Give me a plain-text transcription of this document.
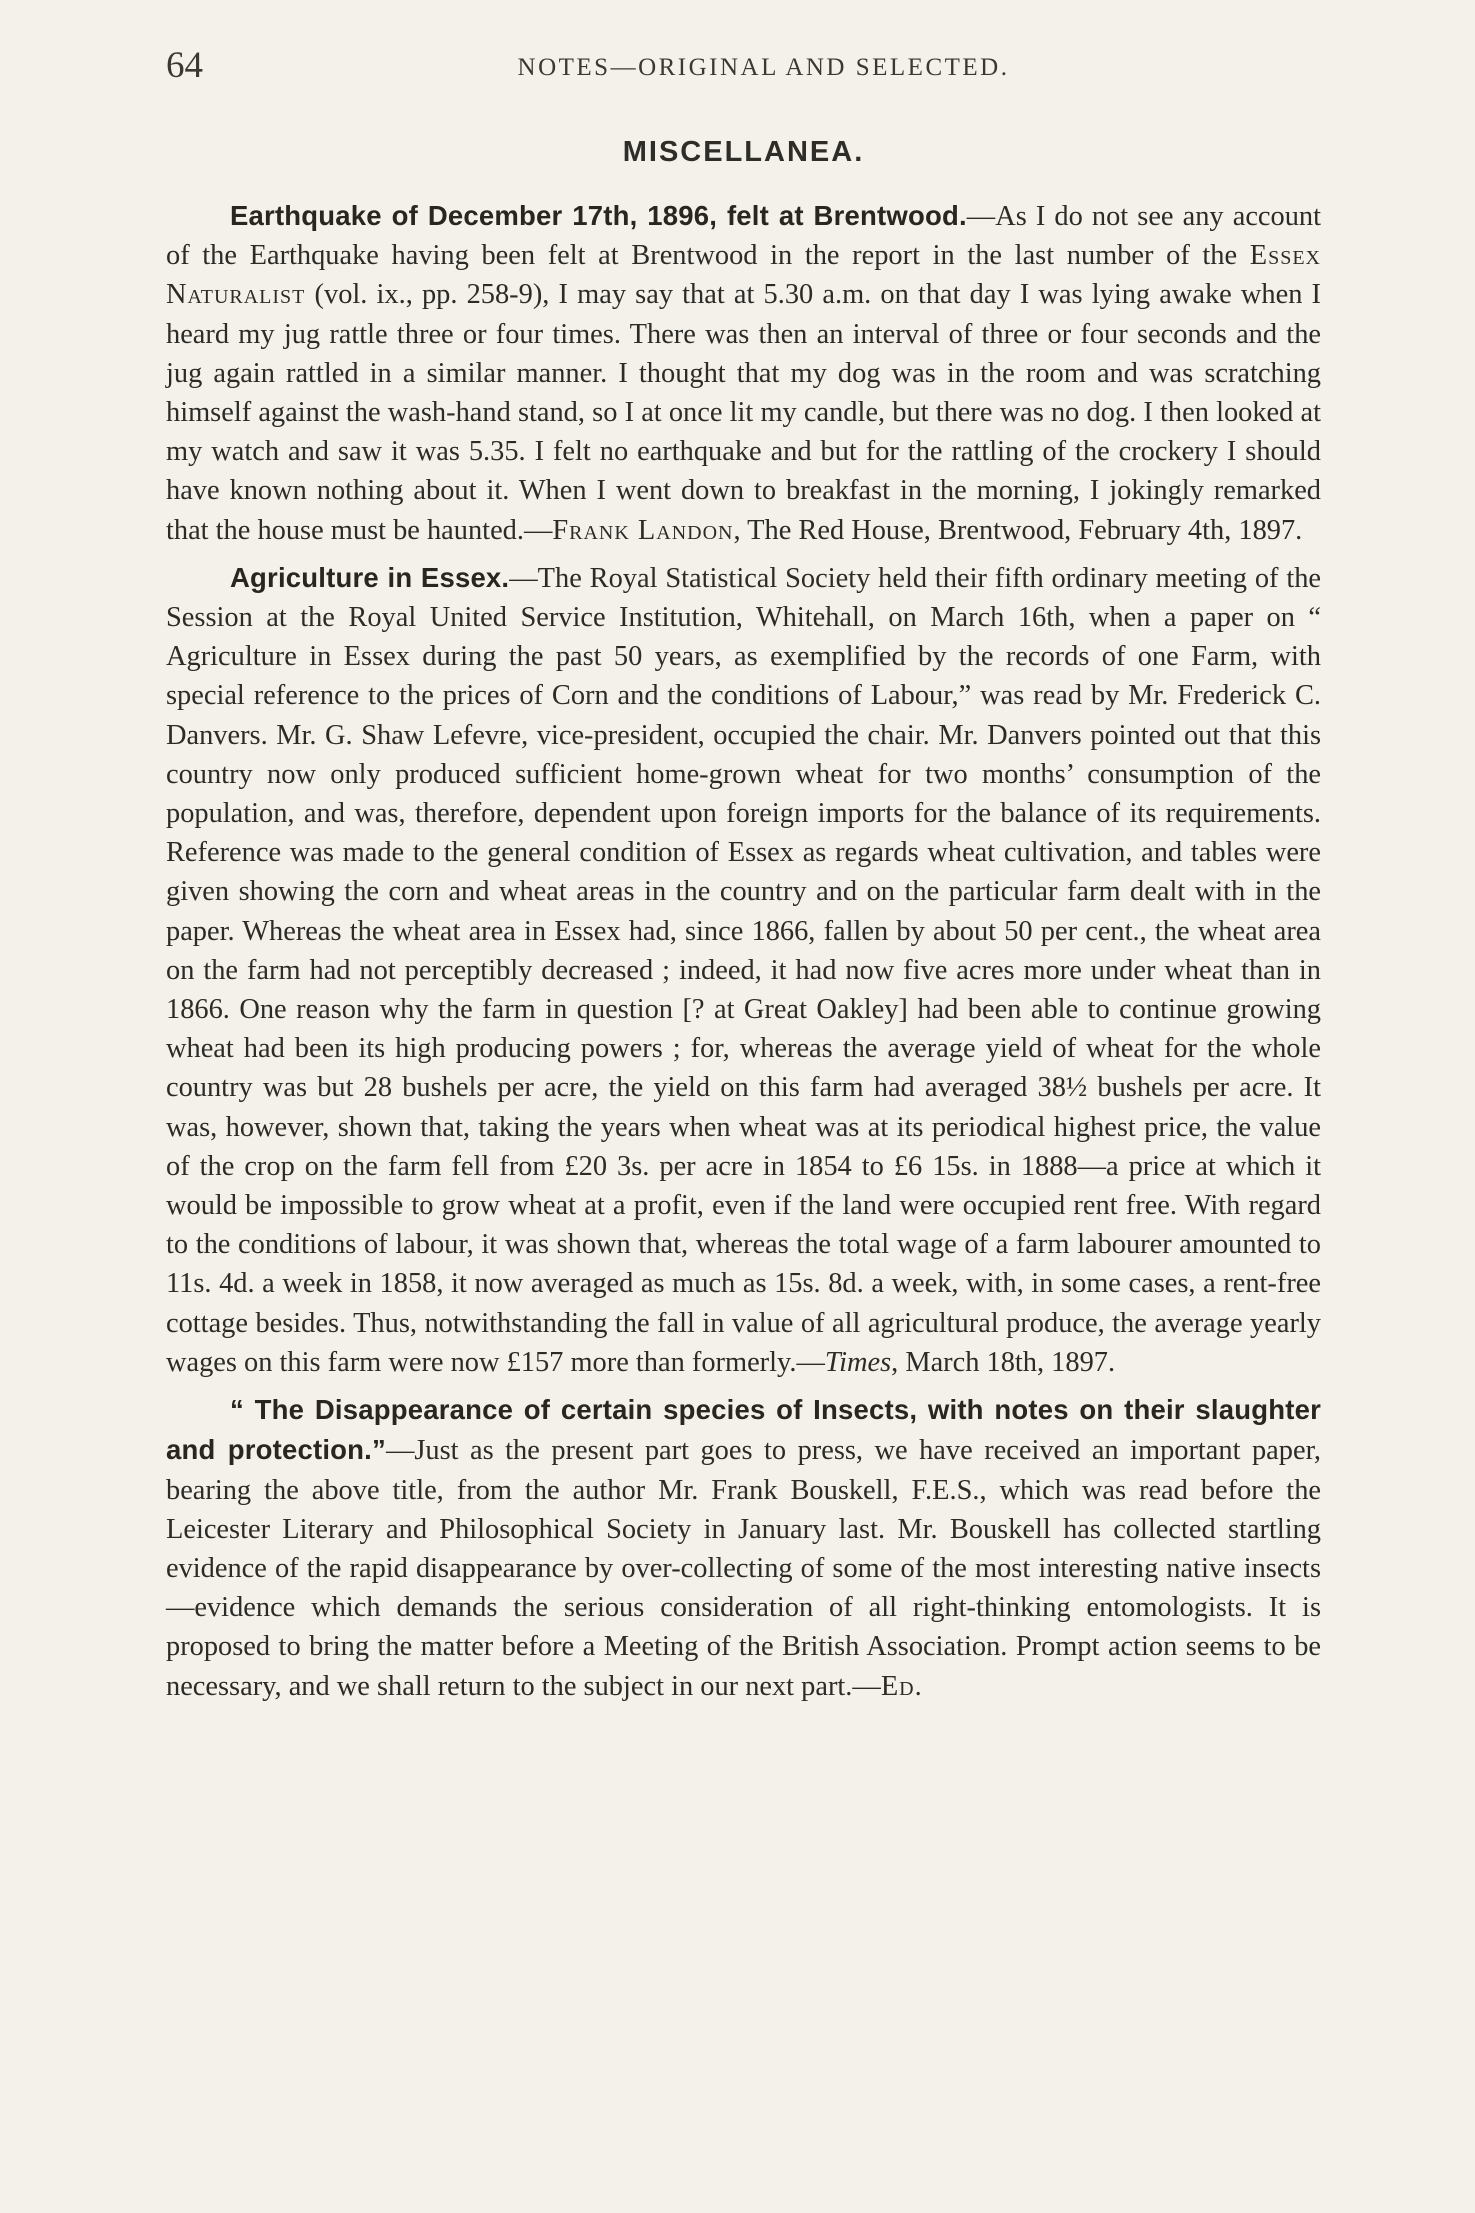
64	NOTES—ORIGINAL AND SELECTED.
MISCELLANEA.

Earthquake of December 17th, 1896, felt at Brentwood.—As I do not see any account of the Earthquake having been felt at Brentwood in the report in the last number of the Essex Naturalist (vol. ix., pp. 258-9), I may say that at 5.30 a.m. on that day I was lying awake when I heard my jug rattle three or four times. There was then an interval of three or four seconds and the jug again rattled in a similar manner. I thought that my dog was in the room and was scratching himself against the wash-hand stand, so I at once lit my candle, but there was no dog. I then looked at my watch and saw it was 5.35. I felt no earthquake and but for the rattling of the crockery I should have known nothing about it. When I went down to breakfast in the morning, I jokingly remarked that the house must be haunted.—Frank Landon, The Red House, Brentwood, February 4th, 1897.

Agriculture in Essex.—The Royal Statistical Society held their fifth ordinary meeting of the Session at the Royal United Service Institution, Whitehall, on March 16th, when a paper on “ Agriculture in Essex during the past 50 years, as exemplified by the records of one Farm, with special reference to the prices of Corn and the conditions of Labour,” was read by Mr. Frederick C. Danvers. Mr. G. Shaw Lefevre, vice-president, occupied the chair. Mr. Danvers pointed out that this country now only produced sufficient home-grown wheat for two months’ consumption of the population, and was, therefore, dependent upon foreign imports for the balance of its requirements. Reference was made to the general condition of Essex as regards wheat cultivation, and tables were given showing the corn and wheat areas in the country and on the particular farm dealt with in the paper. Whereas the wheat area in Essex had, since 1866, fallen by about 50 per cent., the wheat area on the farm had not perceptibly decreased ; indeed, it had now five acres more under wheat than in 1866. One reason why the farm in question [? at Great Oakley] had been able to continue growing wheat had been its high producing powers ; for, whereas the average yield of wheat for the whole country was but 28 bushels per acre, the yield on this farm had averaged 38½ bushels per acre. It was, however, shown that, taking the years when wheat was at its periodical highest price, the value of the crop on the farm fell from £20 3s. per acre in 1854 to £6 15s. in 1888—a price at which it would be impossible to grow wheat at a profit, even if the land were occupied rent free. With regard to the conditions of labour, it was shown that, whereas the total wage of a farm labourer amounted to 11s. 4d. a week in 1858, it now averaged as much as 15s. 8d. a week, with, in some cases, a rent-free cottage besides. Thus, notwithstanding the fall in value of all agricultural produce, the average yearly wages on this farm were now £157 more than formerly.—Times, March 18th, 1897.

“ The Disappearance of certain species of Insects, with notes on their slaughter and protection.”—Just as the present part goes to press, we have received an important paper, bearing the above title, from the author Mr. Frank Bouskell, F.E.S., which was read before the Leicester Literary and Philosophical Society in January last. Mr. Bouskell has collected startling evidence of the rapid disappearance by over-collecting of some of the most interesting native insects—evidence which demands the serious consideration of all right-thinking entomologists. It is proposed to bring the matter before a Meeting of the British Association. Prompt action seems to be necessary, and we shall return to the subject in our next part.—Ed.
